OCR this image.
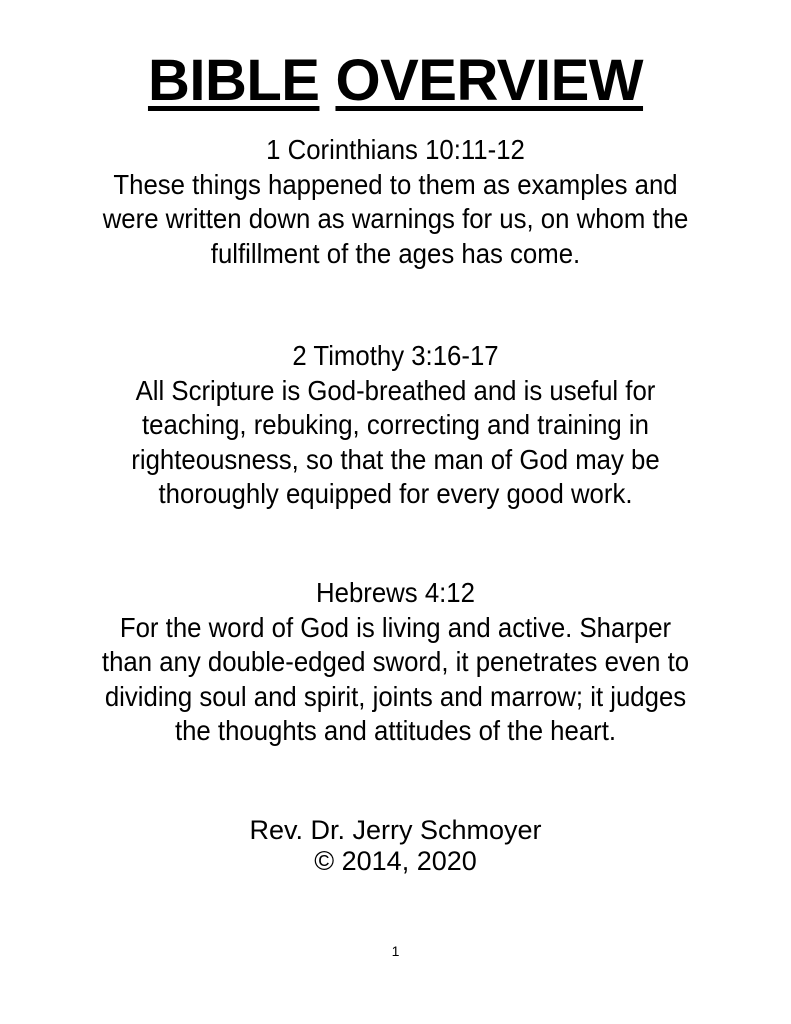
BIBLE OVERVIEW
1 Corinthians 10:11-12
These things happened to them as examples and
were written down as warnings for us, on whom the
fulfillment of the ages has come.
2 Timothy 3:16-17
All Scripture is God-breathed and is useful for
teaching, rebuking, correcting and training in
righteousness, so that the man of God may be
thoroughly equipped for every good work.
Hebrews 4:12
For the word of God is living and active. Sharper
than any double-edged sword, it penetrates even to
dividing soul and spirit, joints and marrow; it judges
the thoughts and attitudes of the heart.
Rev. Dr. Jerry Schmoyer
© 2014, 2020
1
